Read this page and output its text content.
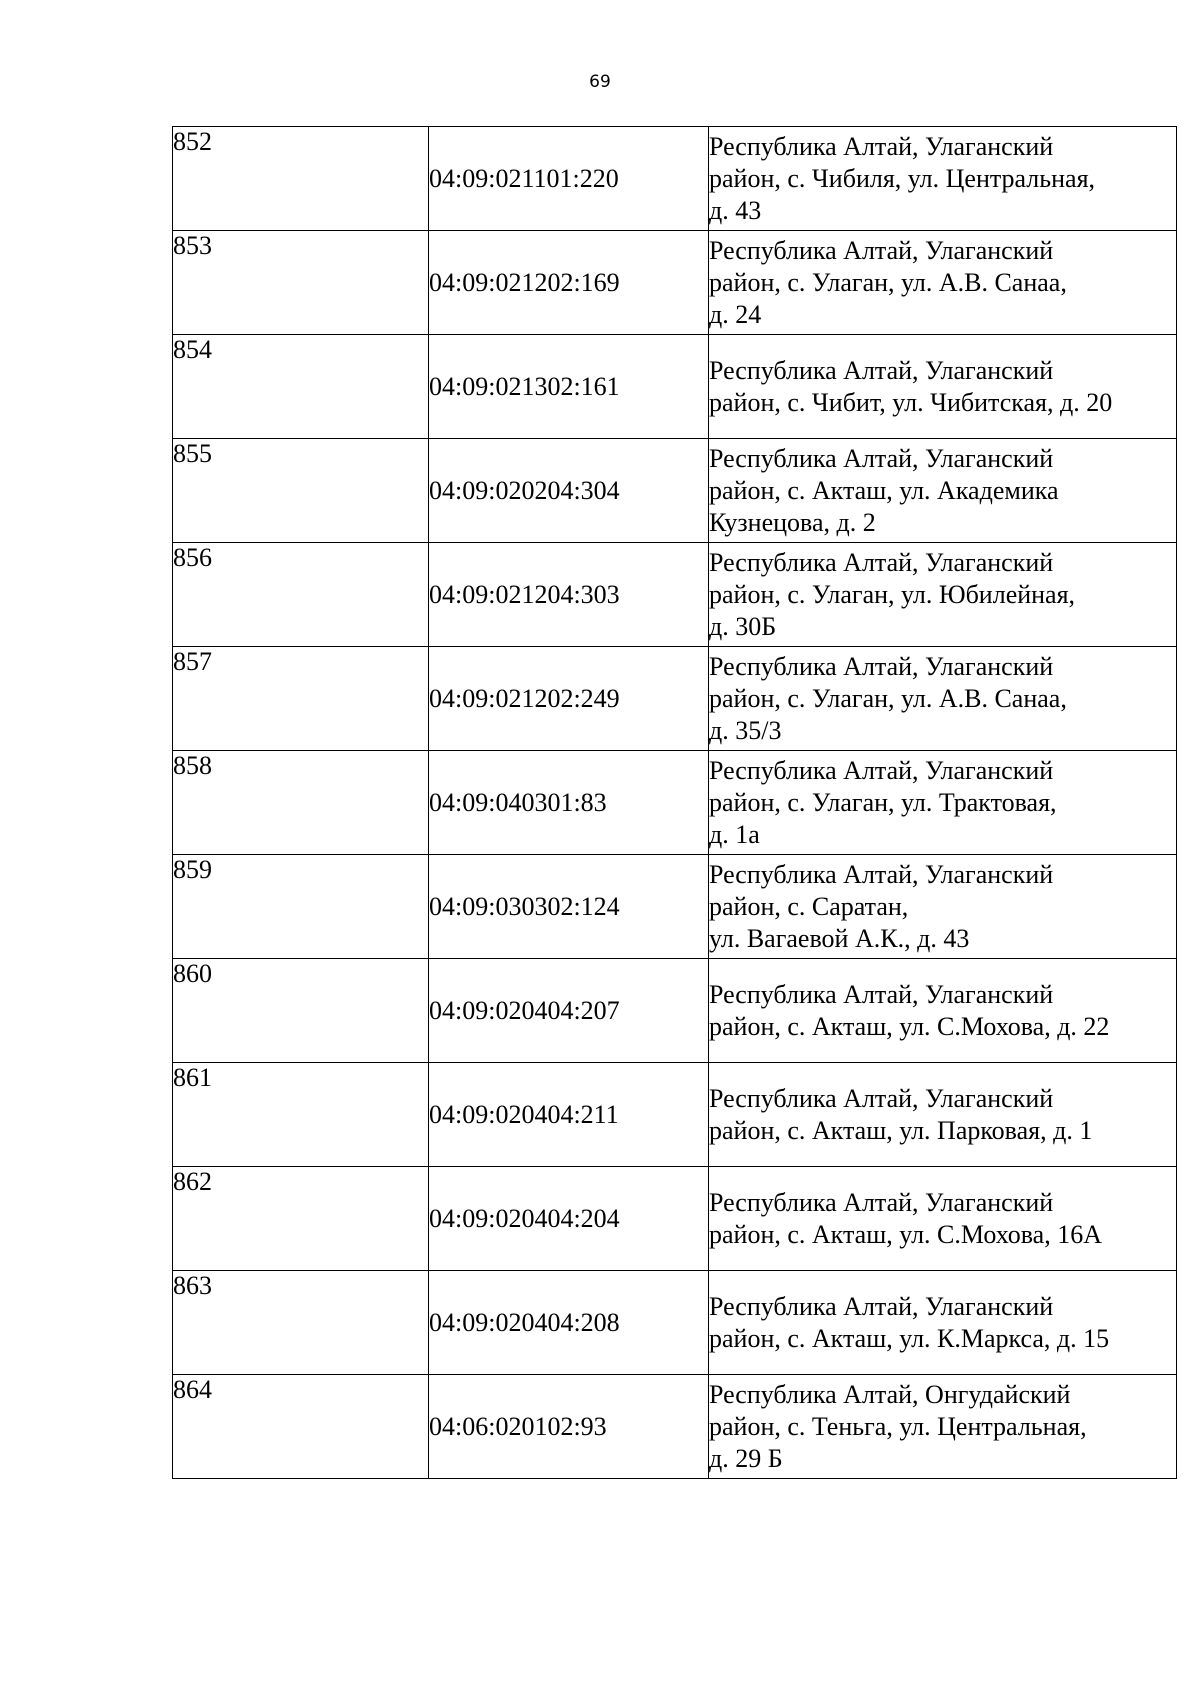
69
852	04:09:021101:220	Республика Алтай, Улаганский
район, с. Чибиля, ул. Центральная,
д. 43

853	04:09:021202:169	Республика Алтай, Улаганский
район, с. Улаган, ул. А.В. Санаа,
д. 24

854	04:09:021302:161	Республика Алтай, Улаганский
район, с. Чибит, ул. Чибитская, д. 20

855	04:09:020204:304	Республика Алтай, Улаганский
район, с. Акташ, ул. Академика
Кузнецова, д. 2

856	04:09:021204:303	Республика Алтай, Улаганский
район, с. Улаган, ул. Юбилейная,
д. 30Б

857	04:09:021202:249	Республика Алтай, Улаганский
район, с. Улаган, ул. А.В. Санаа,
д. 35/3

858	04:09:040301:83	Республика Алтай, Улаганский
район, с. Улаган, ул. Трактовая,
д. 1а

859	04:09:030302:124	Республика Алтай, Улаганский
район, с. Саратан,
ул. Вагаевой А.К., д. 43

860	04:09:020404:207	Республика Алтай, Улаганский
район, с. Акташ, ул. С.Мохова, д. 22

861	04:09:020404:211	Республика Алтай, Улаганский
район, с. Акташ, ул. Парковая, д. 1

862	04:09:020404:204	Республика Алтай, Улаганский
район, с. Акташ, ул. С.Мохова, 16А

863	04:09:020404:208	Республика Алтай, Улаганский
район, с. Акташ, ул. К.Маркса, д. 15

864	04:06:020102:93	Республика Алтай, Онгудайский
район, с. Теньга, ул. Центральная,
д. 29 Б
